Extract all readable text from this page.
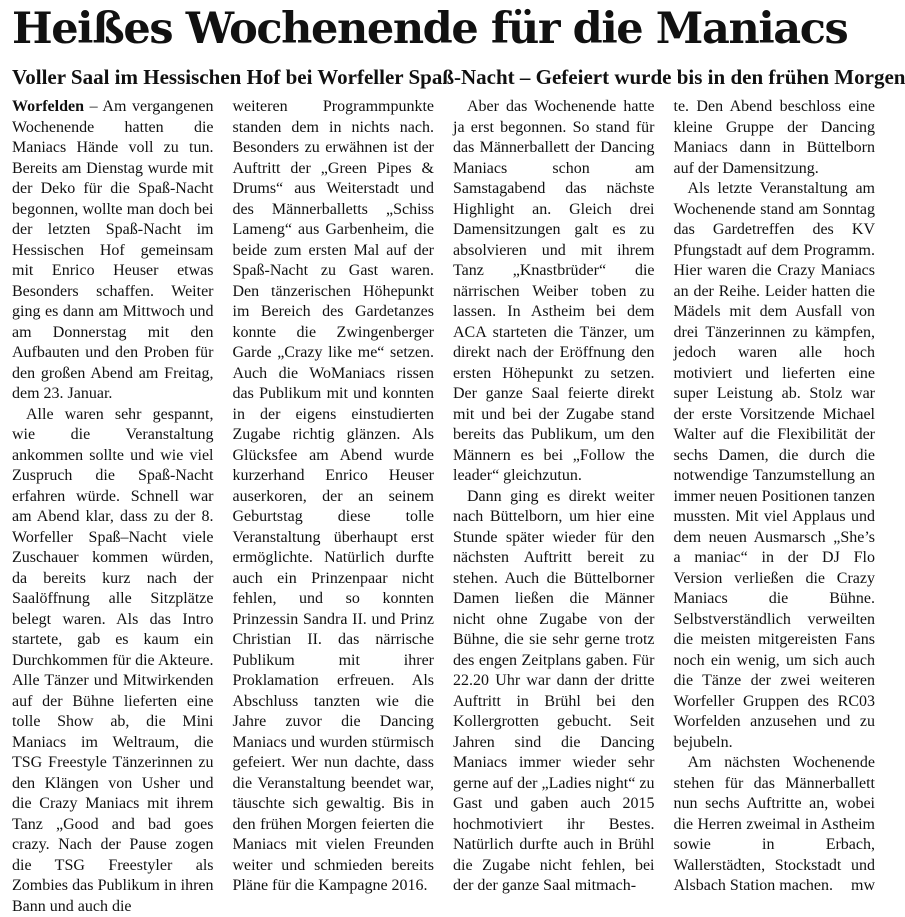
Heißes Wochenende für die Maniacs
Voller Saal im Hessischen Hof bei Worfeller Spaß-Nacht – Gefeiert wurde bis in den frühen Morgen

Worfelden – Am vergangenen Wochenende hatten die Maniacs Hände voll zu tun. Bereits am Dienstag wurde mit der Deko für die Spaß-Nacht begonnen, wollte man doch bei der letzten Spaß-Nacht im Hessischen Hof gemeinsam mit Enrico Heuser etwas Besonders schaffen. Weiter ging es dann am Mittwoch und am Donnerstag mit den Aufbauten und den Proben für den großen Abend am Freitag, dem 23. Januar.

Alle waren sehr gespannt, wie die Veranstaltung ankommen sollte und wie viel Zuspruch die Spaß-Nacht erfahren würde. Schnell war am Abend klar, dass zu der 8. Worfeller Spaß–Nacht viele Zuschauer kommen würden, da bereits kurz nach der Saalöffnung alle Sitzplätze belegt waren. Als das Intro startete, gab es kaum ein Durchkommen für die Akteure. Alle Tänzer und Mitwirkenden auf der Bühne lieferten eine tolle Show ab, die Mini Maniacs im Weltraum, die TSG Freestyle Tänzerinnen zu den Klängen von Usher und die Crazy Maniacs mit ihrem Tanz „Good and bad goes crazy. Nach der Pause zogen die TSG Freestyler als Zombies das Publikum in ihren Bann und auch die

weiteren Programmpunkte standen dem in nichts nach. Besonders zu erwähnen ist der Auftritt der „Green Pipes & Drums“ aus Weiterstadt und des Männerballetts „Schiss Lameng“ aus Garbenheim, die beide zum ersten Mal auf der Spaß-Nacht zu Gast waren. Den tänzerischen Höhepunkt im Bereich des Gardetanzes konnte die Zwingenberger Garde „Crazy like me“ setzen. Auch die WoManiacs rissen das Publikum mit und konnten in der eigens einstudierten Zugabe richtig glänzen. Als Glücksfee am Abend wurde kurzerhand Enrico Heuser auserkoren, der an seinem Geburtstag diese tolle Veranstaltung überhaupt erst ermöglichte. Natürlich durfte auch ein Prinzenpaar nicht fehlen, und so konnten Prinzessin Sandra II. und Prinz Christian II. das närrische Publikum mit ihrer Proklamation erfreuen. Als Abschluss tanzten wie die Jahre zuvor die Dancing Maniacs und wurden stürmisch gefeiert. Wer nun dachte, dass die Veranstaltung beendet war, täuschte sich gewaltig. Bis in den frühen Morgen feierten die Maniacs mit vielen Freunden weiter und schmieden bereits Pläne für die Kampagne 2016.

Aber das Wochenende hatte ja erst begonnen. So stand für das Männerballett der Dancing Maniacs schon am Samstagabend das nächste Highlight an. Gleich drei Damensitzungen galt es zu absolvieren und mit ihrem Tanz „Knastbrüder“ die närrischen Weiber toben zu lassen. In Astheim bei dem ACA starteten die Tänzer, um direkt nach der Eröffnung den ersten Höhepunkt zu setzen. Der ganze Saal feierte direkt mit und bei der Zugabe stand bereits das Publikum, um den Männern es bei „Follow the leader“ gleichzutun.

Dann ging es direkt weiter nach Büttelborn, um hier eine Stunde später wieder für den nächsten Auftritt bereit zu stehen. Auch die Büttelborner Damen ließen die Männer nicht ohne Zugabe von der Bühne, die sie sehr gerne trotz des engen Zeitplans gaben. Für 22.20 Uhr war dann der dritte Auftritt in Brühl bei den Kollergrotten gebucht. Seit Jahren sind die Dancing Maniacs immer wieder sehr gerne auf der „Ladies night“ zu Gast und gaben auch 2015 hochmotiviert ihr Bestes. Natürlich durfte auch in Brühl die Zugabe nicht fehlen, bei der der ganze Saal mitmach-

te. Den Abend beschloss eine kleine Gruppe der Dancing Maniacs dann in Büttelborn auf der Damensitzung.

Als letzte Veranstaltung am Wochenende stand am Sonntag das Gardetreffen des KV Pfungstadt auf dem Programm. Hier waren die Crazy Maniacs an der Reihe. Leider hatten die Mädels mit dem Ausfall von drei Tänzerinnen zu kämpfen, jedoch waren alle hoch motiviert und lieferten eine super Leistung ab. Stolz war der erste Vorsitzende Michael Walter auf die Flexibilität der sechs Damen, die durch die notwendige Tanzumstellung an immer neuen Positionen tanzen mussten. Mit viel Applaus und dem neuen Ausmarsch „She’s a maniac“ in der DJ Flo Version verließen die Crazy Maniacs die Bühne. Selbstverständlich verweilten die meisten mitgereisten Fans noch ein wenig, um sich auch die Tänze der zwei weiteren Worfeller Gruppen des RC03 Worfelden anzusehen und zu bejubeln.

Am nächsten Wochenende stehen für das Männerballett nun sechs Auftritte an, wobei die Herren zweimal in Astheim sowie in Erbach, Wallerstädten, Stockstadt und Alsbach Station machen.	mw
